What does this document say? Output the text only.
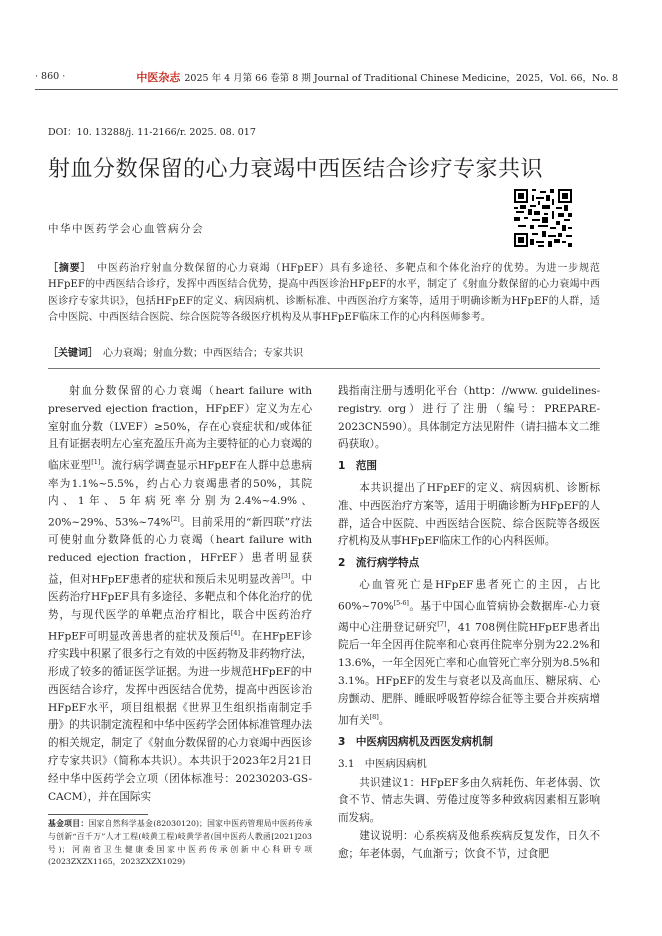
· 860 ·	中医杂志 2025 年 4 月第 66 卷第 8 期 Journal of Traditional Chinese Medicine，2025，Vol. 66，No. 8
DOI：10. 13288/j. 11-2166/r. 2025. 08. 017
射血分数保留的心力衰竭中西医结合诊疗专家共识
中华中医药学会心血管病分会
［摘要］　 中医药治疗射血分数保留的心力衰竭（HFpEF）具有多途径、多靶点和个体化治疗的优势。为进一步规范HFpEF的中西医结合诊疗，发挥中西医结合优势，提高中西医诊治HFpEF的水平，制定了《射血分数保留的心力衰竭中西医诊疗专家共识》，包括HFpEF的定义、病因病机、诊断标准、中西医治疗方案等，适用于明确诊断为HFpEF的人群，适合中医院、中西医结合医院、综合医院等各级医疗机构及从事HFpEF临床工作的心内科医师参考。
［关键词］　 心力衰竭；射血分数；中西医结合；专家共识

射血分数保留的心力衰竭（heart failure with preserved ejection fraction，HFpEF）定义为左心室射血分数（LVEF）≥50%，存在心衰症状和/或体征且有证据表明左心室充盈压升高为主要特征的心力衰竭的临床亚型[1]。流行病学调查显示HFpEF在人群中总患病率为1.1%~5.5%，约占心力衰竭患者的50%，其院内、1年、5年病死率分别为2.4%~4.9%、20%~29%、53%~74%[2]。目前采用的“新四联”疗法可使射血分数降低的心力衰竭（heart failure with reduced ejection fraction，HFrEF）患者明显获益，但对HFpEF患者的症状和预后未见明显改善[3]。中医药治疗HFpEF具有多途径、多靶点和个体化治疗的优势，与现代医学的单靶点治疗相比，联合中医药治疗HFpEF可明显改善患者的症状及预后[4]。在HFpEF诊疗实践中积累了很多行之有效的中医药物及非药物疗法，形成了较多的循证医学证据。为进一步规范HFpEF的中西医结合诊疗，发挥中西医结合优势，提高中西医诊治HFpEF水平，项目组根据《世界卫生组织指南制定手册》的共识制定流程和中华中医药学会团体标准管理办法的相关规定，制定了《射血分数保留的心力衰竭中西医诊疗专家共识》（简称本共识）。本共识于2023年2月21日经中华中医药学会立项（团体标准号：20230203-GS-CACM），并在国际实

践指南注册与透明化平台（http：//www. guidelines-registry. org）进行了注册（编号：PREPARE-2023CN590）。具体制定方法见附件（请扫描本文二维码获取）。

1　范围

本共识提出了HFpEF的定义、病因病机、诊断标准、中西医治疗方案等，适用于明确诊断为HFpEF的人群，适合中医院、中西医结合医院、综合医院等各级医疗机构及从事HFpEF临床工作的心内科医师。

2　流行病学特点

心血管死亡是HFpEF患者死亡的主因，占比60%~70%[5-6]。基于中国心血管病协会数据库-心力衰竭中心注册登记研究[7]，41 708例住院HFpEF患者出院后一年全因再住院率和心衰再住院率分别为22.2%和13.6%，一年全因死亡率和心血管死亡率分别为8.5%和3.1%。HFpEF的发生与衰老以及高血压、糖尿病、心房颤动、肥胖、睡眠呼吸暂停综合征等主要合并疾病增加有关[8]。

3　中医病因病机及西医发病机制
3.1　中医病因病机

共识建议1：HFpEF多由久病耗伤、年老体弱、饮食不节、情志失调、劳倦过度等多种致病因素相互影响而发病。

建议说明：心系疾病及他系疾病反复发作，日久不愈；年老体弱，气血渐亏；饮食不节，过食肥

基金项目：国家自然科学基金(82030120)；国家中医药管理局中医药传承与创新“百千万”人才工程(岐黄工程)岐黄学者(国中医药人教函[2021]203号)；河南省卫生健康委国家中医药传承创新中心科研专项(2023ZXZX1165，2023ZXZX1029)
